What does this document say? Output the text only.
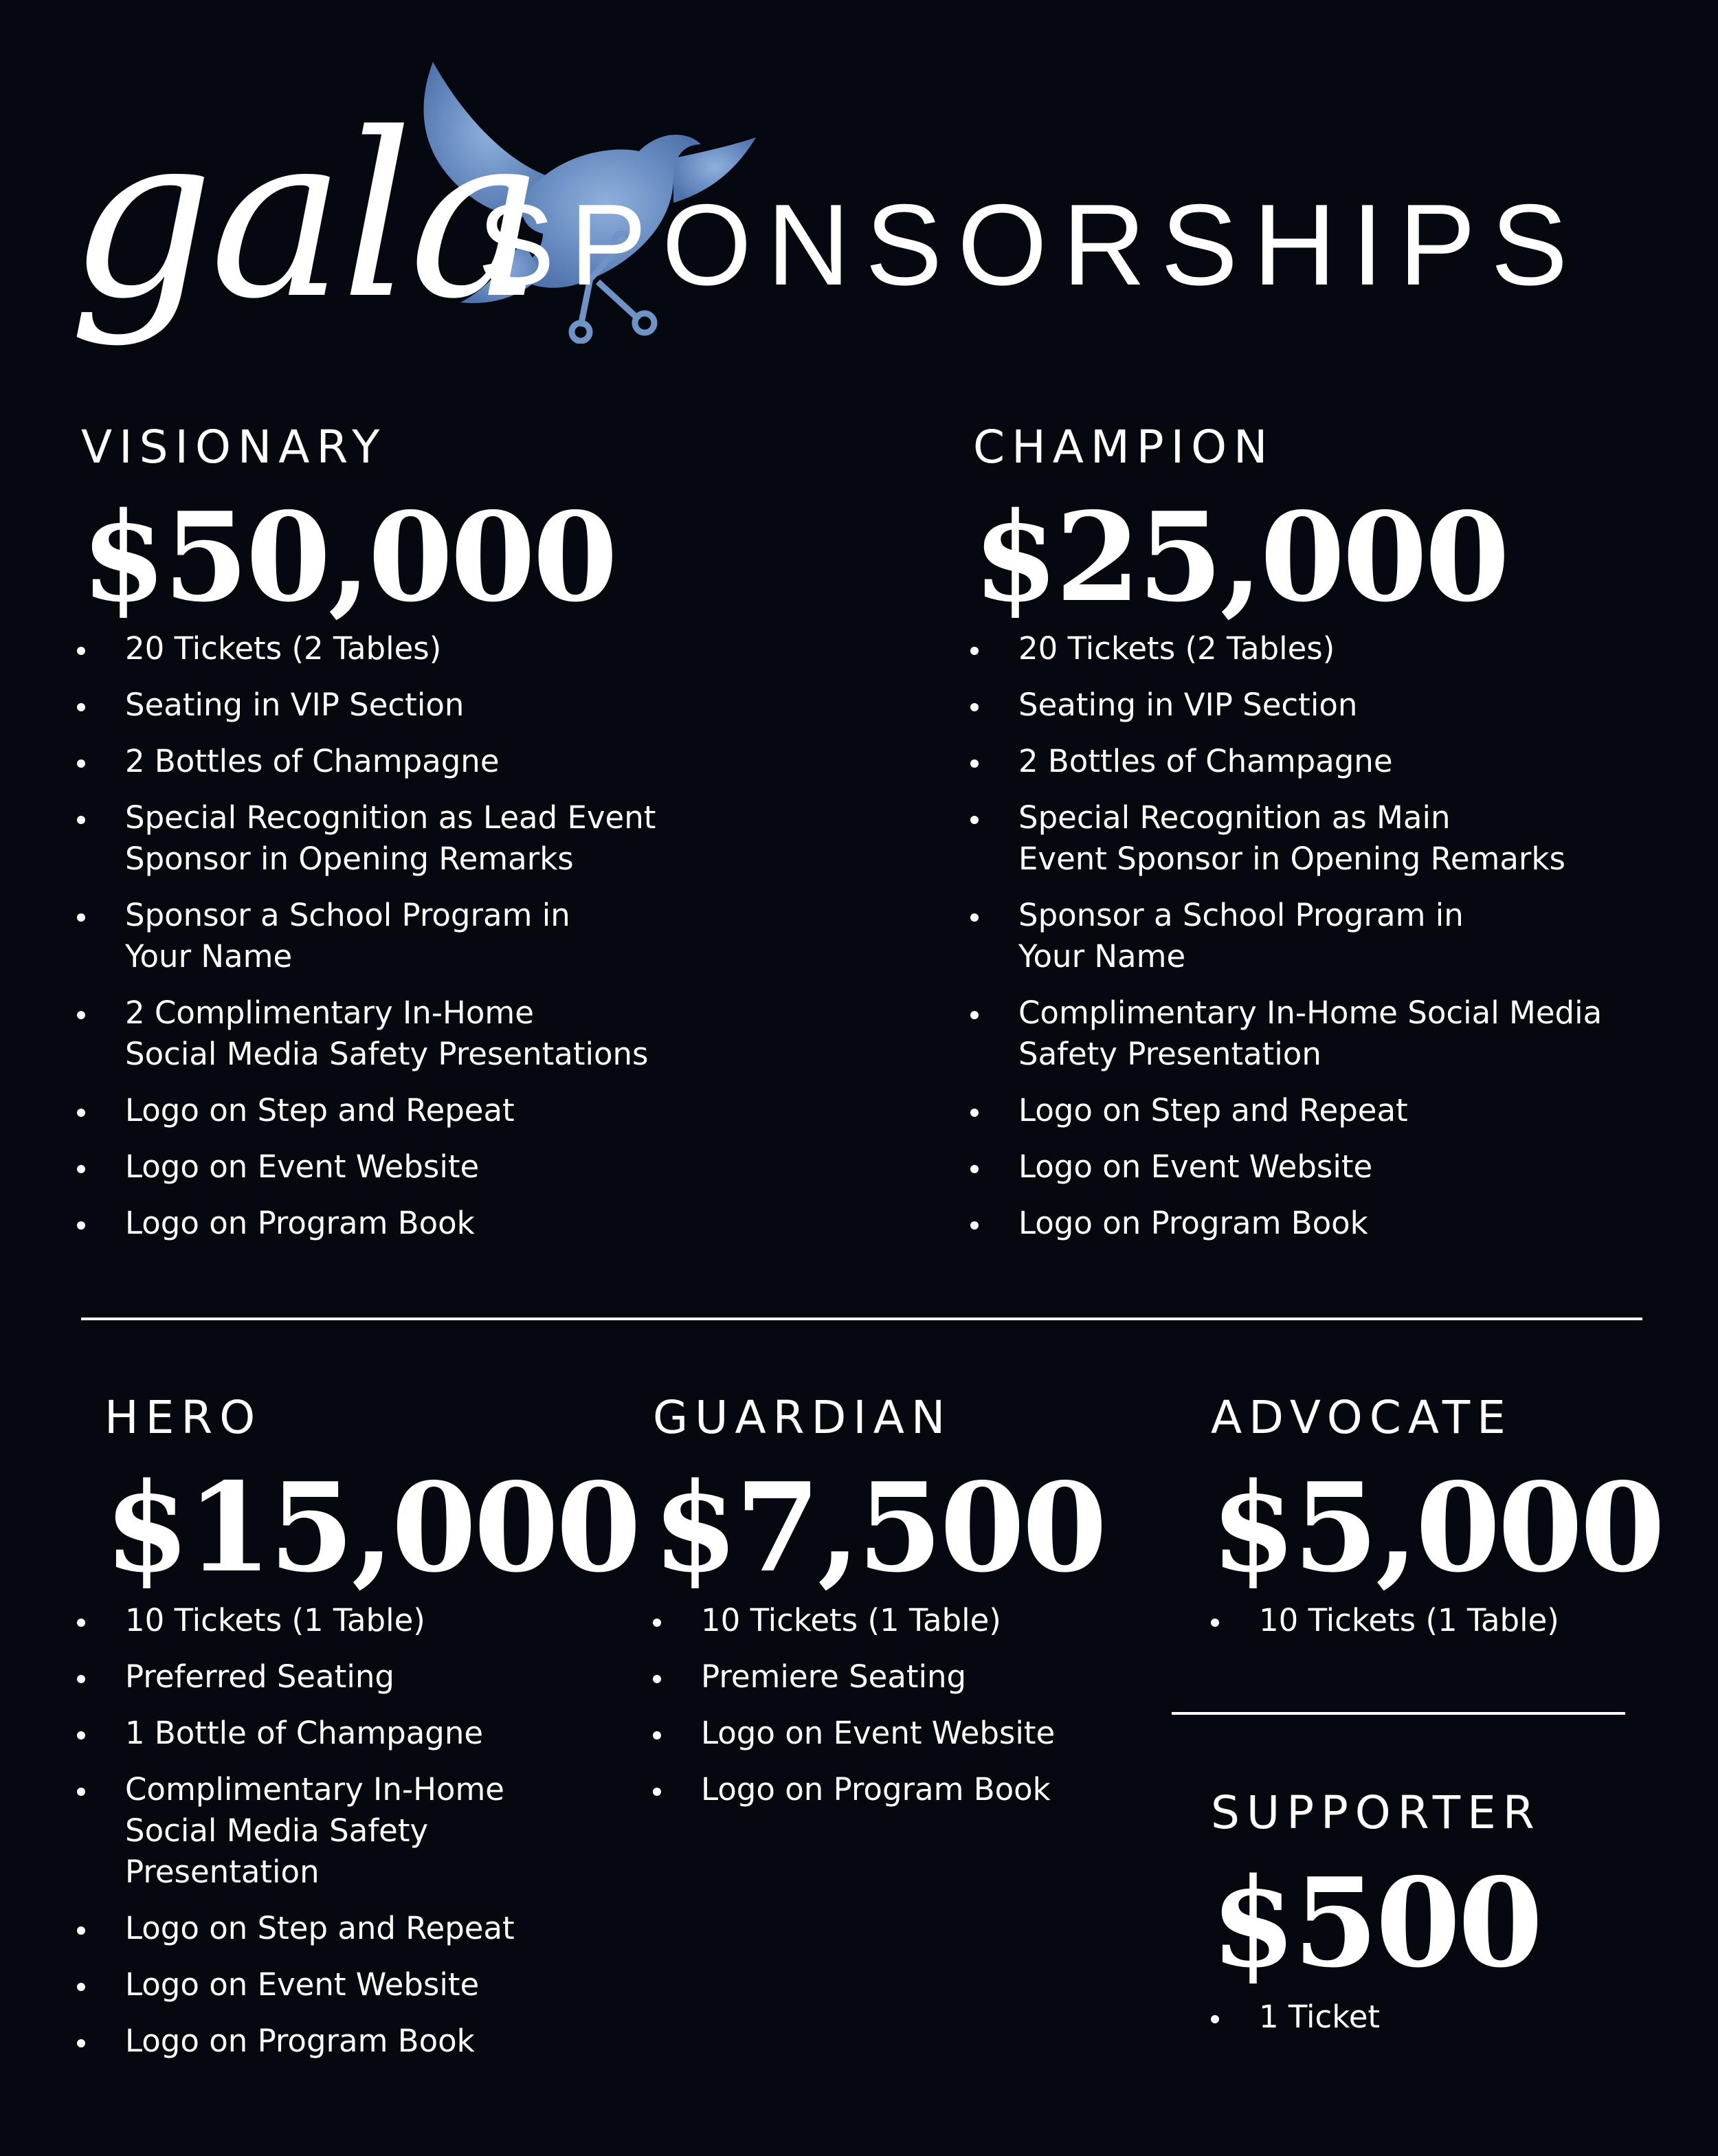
gala
SPONSORSHIPS
VISIONARY
$50,000
20 Tickets (2 Tables)
Seating in VIP Section
2 Bottles of Champagne
Special Recognition as Lead Event
Sponsor in Opening Remarks
Sponsor a School Program in
Your Name
2 Complimentary In-Home
Social Media Safety Presentations
Logo on Step and Repeat
Logo on Event Website
Logo on Program Book
CHAMPION
$25,000
20 Tickets (2 Tables)
Seating in VIP Section
2 Bottles of Champagne
Special Recognition as Main
Event Sponsor in Opening Remarks
Sponsor a School Program in
Your Name
Complimentary In-Home Social Media
Safety Presentation
Logo on Step and Repeat
Logo on Event Website
Logo on Program Book
HERO
$15,000
10 Tickets (1 Table)
Preferred Seating
1 Bottle of Champagne
Complimentary In-Home
Social Media Safety
Presentation
Logo on Step and Repeat
Logo on Event Website
Logo on Program Book
GUARDIAN
$7,500
10 Tickets (1 Table)
Premiere Seating
Logo on Event Website
Logo on Program Book
ADVOCATE
$5,000
10 Tickets (1 Table)
SUPPORTER
$500
1 Ticket
